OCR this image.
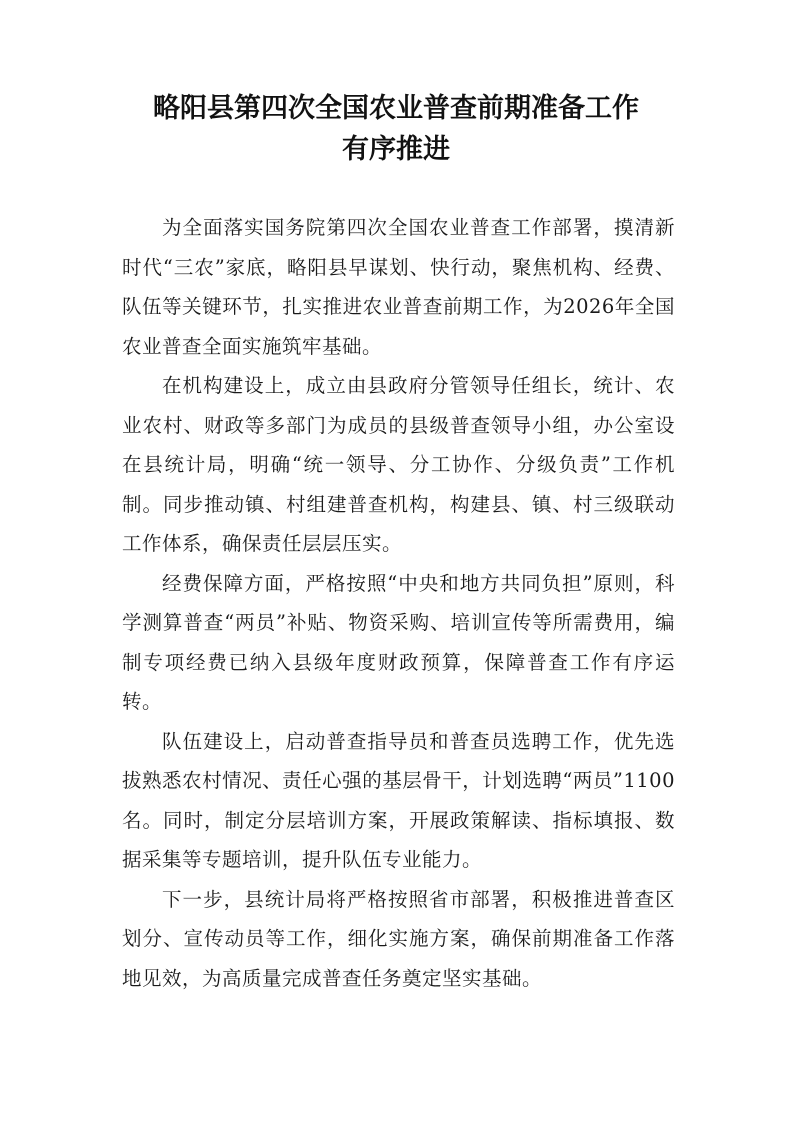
略阳县第四次全国农业普查前期准备工作
有序推进

为全面落实国务院第四次全国农业普查工作部署，摸清新时代“三农”家底，略阳县早谋划、快行动，聚焦机构、经费、队伍等关键环节，扎实推进农业普查前期工作，为2026年全国农业普查全面实施筑牢基础。

在机构建设上，成立由县政府分管领导任组长，统计、农业农村、财政等多部门为成员的县级普查领导小组，办公室设在县统计局，明确“统一领导、分工协作、分级负责”工作机制。同步推动镇、村组建普查机构，构建县、镇、村三级联动工作体系，确保责任层层压实。

经费保障方面，严格按照“中央和地方共同负担”原则，科学测算普查“两员”补贴、物资采购、培训宣传等所需费用，编制专项经费已纳入县级年度财政预算，保障普查工作有序运转。

队伍建设上，启动普查指导员和普查员选聘工作，优先选拔熟悉农村情况、责任心强的基层骨干，计划选聘“两员”1100名。同时，制定分层培训方案，开展政策解读、指标填报、数据采集等专题培训，提升队伍专业能力。

下一步，县统计局将严格按照省市部署，积极推进普查区划分、宣传动员等工作，细化实施方案，确保前期准备工作落地见效，为高质量完成普查任务奠定坚实基础。
